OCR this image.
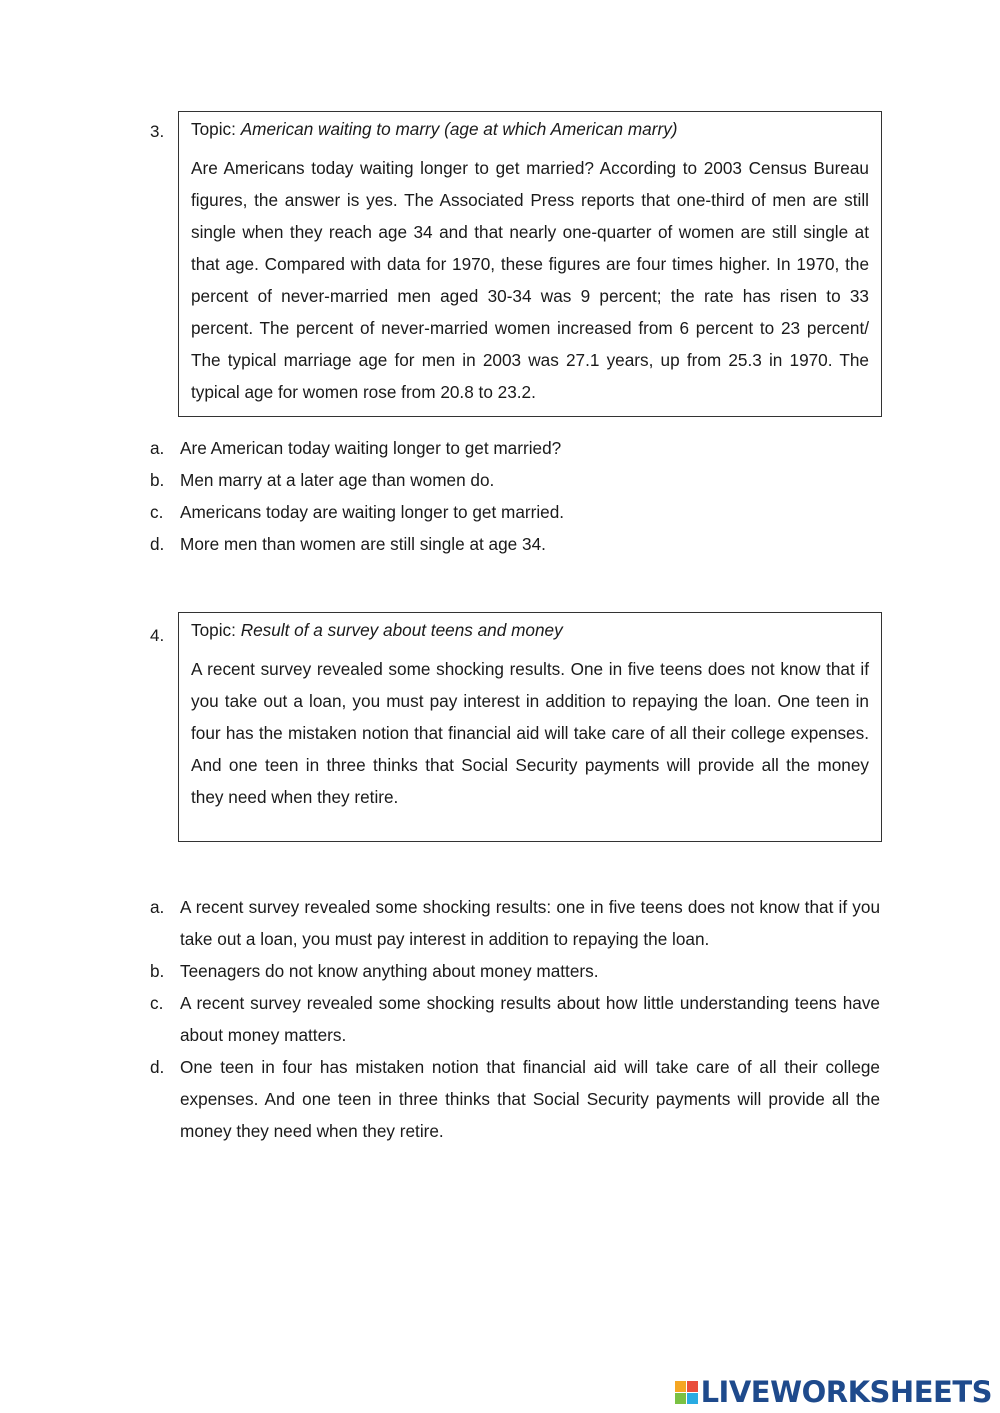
3. Topic: American waiting to marry (age at which American marry)

Are Americans today waiting longer to get married? According to 2003 Census Bureau figures, the answer is yes. The Associated Press reports that one-third of men are still single when they reach age 34 and that nearly one-quarter of women are still single at that age. Compared with data for 1970, these figures are four times higher. In 1970, the percent of never-married men aged 30-34 was 9 percent; the rate has risen to 33 percent. The percent of never-married women increased from 6 percent to 23 percent/ The typical marriage age for men in 2003 was 27.1 years, up from 25.3 in 1970. The typical age for women rose from 20.8 to 23.2.

a. Are American today waiting longer to get married?
b. Men marry at a later age than women do.
c. Americans today are waiting longer to get married.
d. More men than women are still single at age 34.
4. Topic: Result of a survey about teens and money

A recent survey revealed some shocking results. One in five teens does not know that if you take out a loan, you must pay interest in addition to repaying the loan. One teen in four has the mistaken notion that financial aid will take care of all their college expenses. And one teen in three thinks that Social Security payments will provide all the money they need when they retire.

a. A recent survey revealed some shocking results: one in five teens does not know that if you take out a loan, you must pay interest in addition to repaying the loan.
b. Teenagers do not know anything about money matters.
c. A recent survey revealed some shocking results about how little understanding teens have about money matters.
d. One teen in four has mistaken notion that financial aid will take care of all their college expenses. And one teen in three thinks that Social Security payments will provide all the money they need when they retire.
LIVEWORKSHEETS
